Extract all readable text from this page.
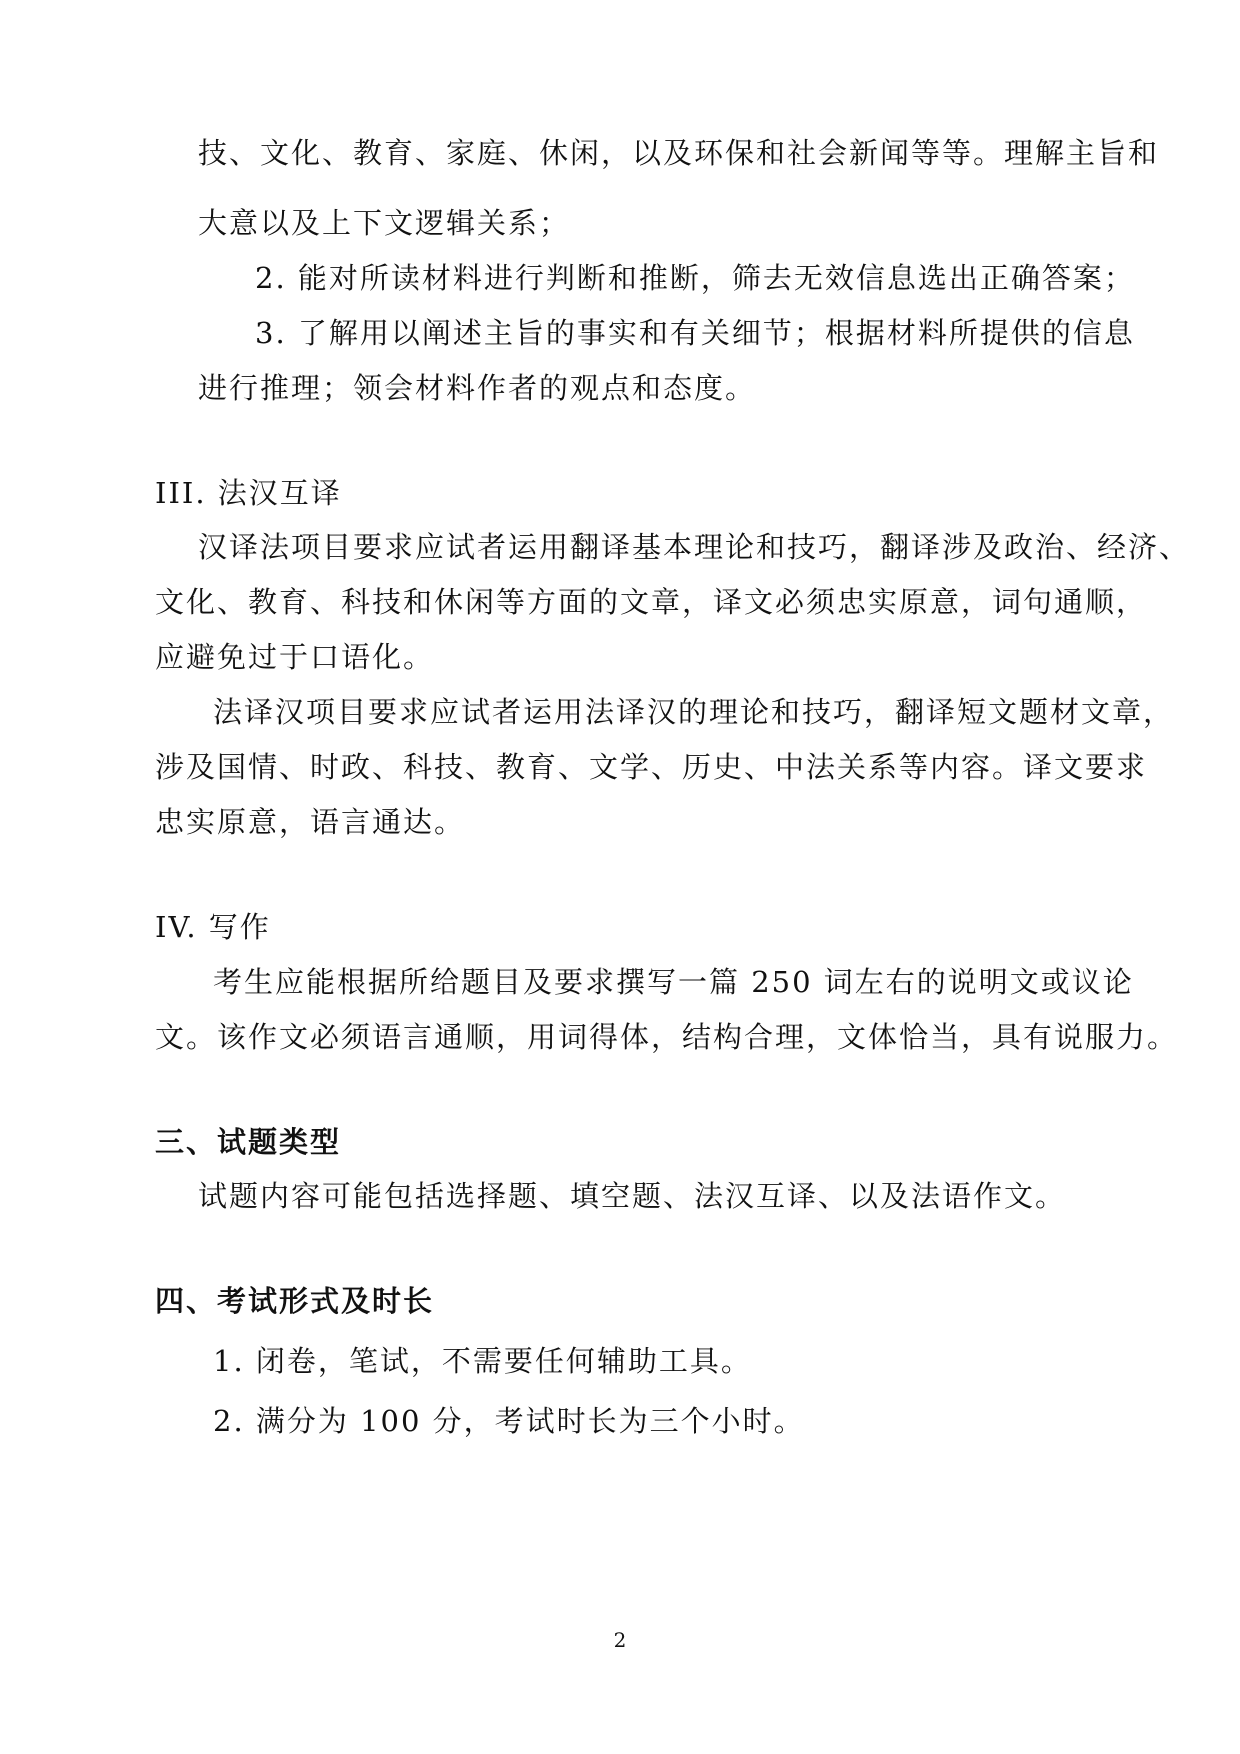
技、文化、教育、家庭、休闲，以及环保和社会新闻等等。理解主旨和
大意以及上下文逻辑关系；
2. 能对所读材料进行判断和推断，筛去无效信息选出正确答案；
3. 了解用以阐述主旨的事实和有关细节；根据材料所提供的信息
进行推理；领会材料作者的观点和态度。
III. 法汉互译
汉译法项目要求应试者运用翻译基本理论和技巧，翻译涉及政治、经济、
文化、教育、科技和休闲等方面的文章，译文必须忠实原意，词句通顺，
应避免过于口语化。
法译汉项目要求应试者运用法译汉的理论和技巧，翻译短文题材文章，
涉及国情、时政、科技、教育、文学、历史、中法关系等内容。译文要求
忠实原意，语言通达。
IV. 写作
考生应能根据所给题目及要求撰写一篇 250 词左右的说明文或议论
文。该作文必须语言通顺，用词得体，结构合理，文体恰当，具有说服力。
三、试题类型
试题内容可能包括选择题、填空题、法汉互译、以及法语作文。
四、考试形式及时长
1. 闭卷，笔试，不需要任何辅助工具。
2. 满分为 100 分，考试时长为三个小时。
2
